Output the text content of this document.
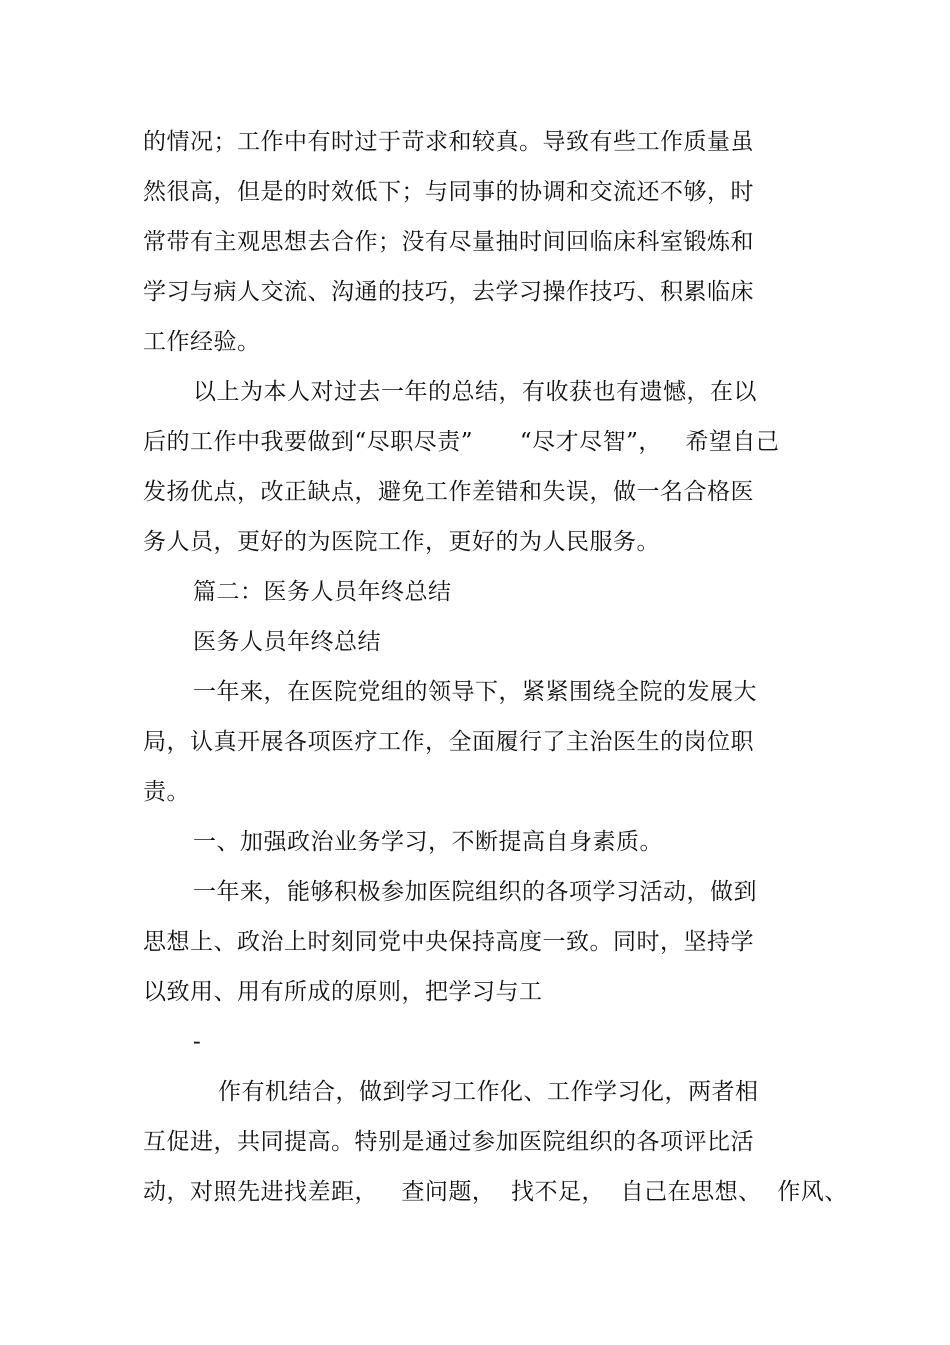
的情况；工作中有时过于苛求和较真。导致有些工作质量虽
然很高，但是的时效低下；与同事的协调和交流还不够，时
常带有主观思想去合作；没有尽量抽时间回临床科室锻炼和
学习与病人交流、沟通的技巧，去学习操作技巧、积累临床
工作经验。
以上为本人对过去一年的总结，有收获也有遗憾，在以
后的工作中我要做到“尽职尽责”      “尽才尽智”，   希望自己
发扬优点，改正缺点，避免工作差错和失误，做一名合格医
务人员，更好的为医院工作，更好的为人民服务。
篇二：医务人员年终总结
医务人员年终总结
一年来，在医院党组的领导下，紧紧围绕全院的发展大
局，认真开展各项医疗工作，全面履行了主治医生的岗位职
责。
一、加强政治业务学习，不断提高自身素质。
一年来，能够积极参加医院组织的各项学习活动，做到
思想上、政治上时刻同党中央保持高度一致。同时，坚持学
以致用、用有所成的原则，把学习与工
-
作有机结合，做到学习工作化、工作学习化，两者相
互促进，共同提高。特别是通过参加医院组织的各项评比活
动，对照先进找差距，   查问题，  找不足，  自己在思想、  作风、
